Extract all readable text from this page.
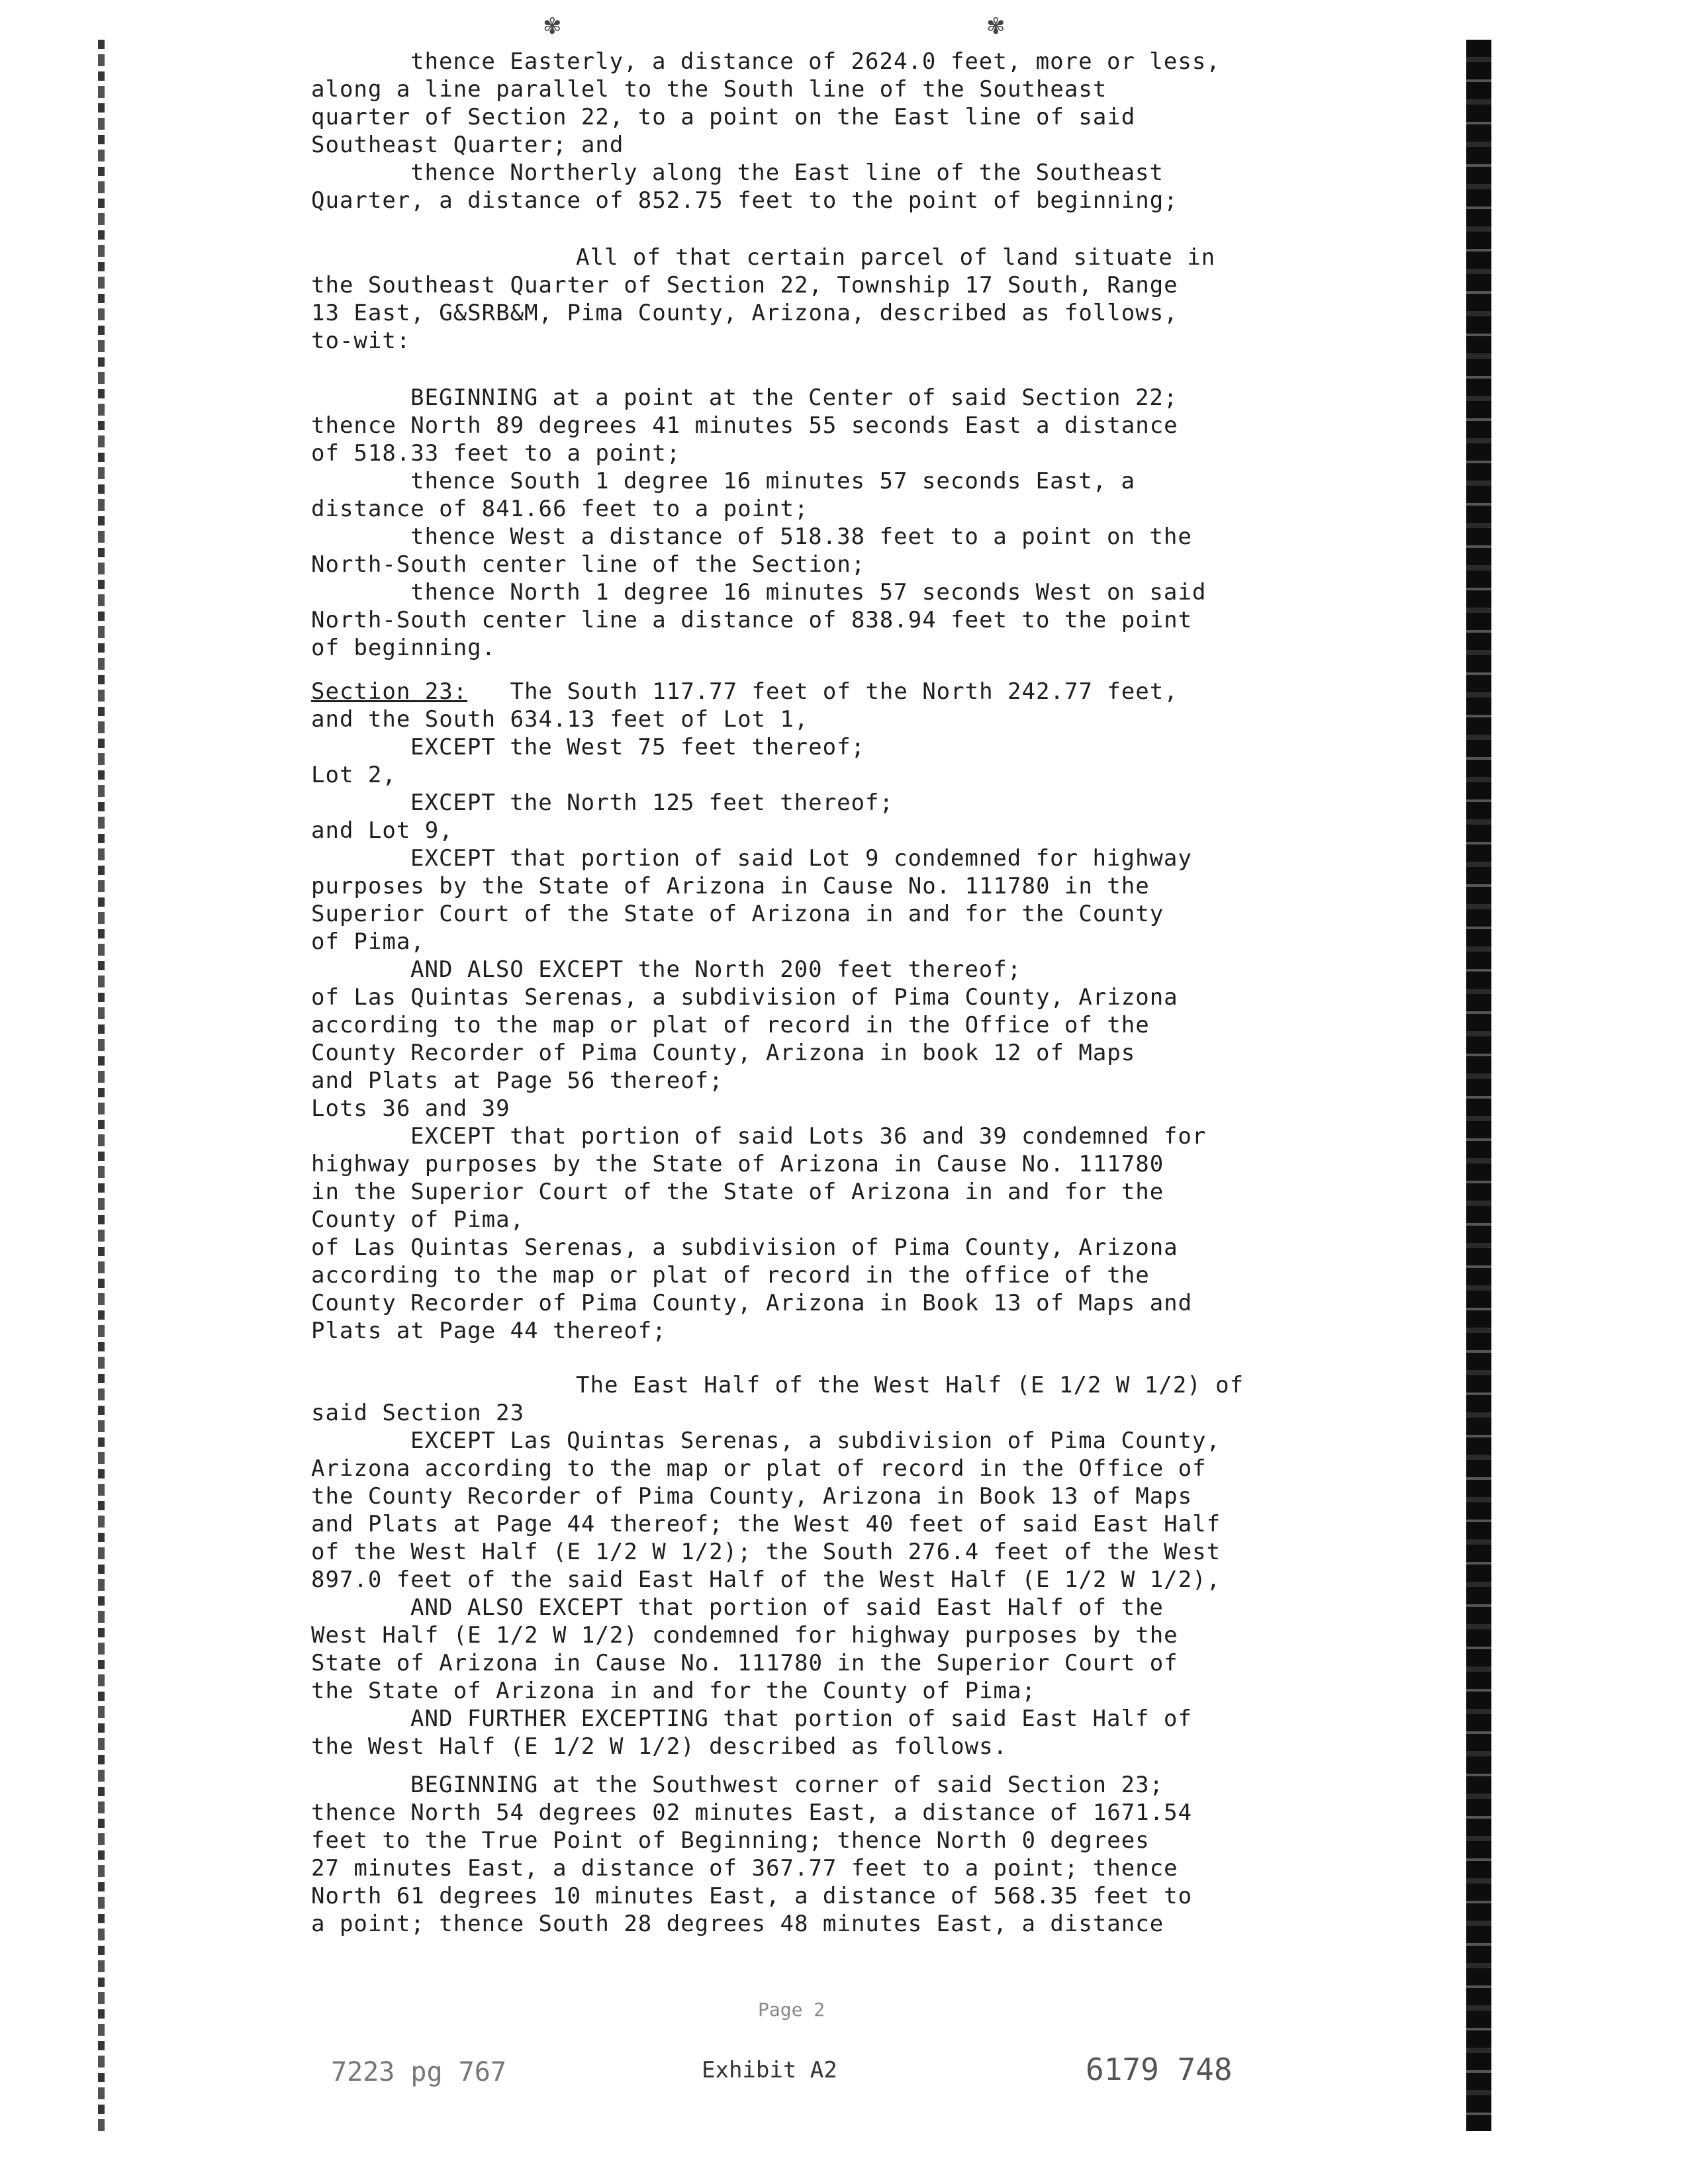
✾	✾
thence Easterly, a distance of 2624.0 feet, more or less,
along a line parallel to the South line of the Southeast
quarter of Section 22, to a point on the East line of said
Southeast Quarter; and
thence Northerly along the East line of the Southeast
Quarter, a distance of 852.75 feet to the point of beginning;
All of that certain parcel of land situate in
the Southeast Quarter of Section 22, Township 17 South, Range
13 East, G&SRB&M, Pima County, Arizona, described as follows,
to-wit:
BEGINNING at a point at the Center of said Section 22;
thence North 89 degrees 41 minutes 55 seconds East a distance
of 518.33 feet to a point;
thence South 1 degree 16 minutes 57 seconds East, a
distance of 841.66 feet to a point;
thence West a distance of 518.38 feet to a point on the
North-South center line of the Section;
thence North 1 degree 16 minutes 57 seconds West on said
North-South center line a distance of 838.94 feet to the point
of beginning.
Section 23:   The South 117.77 feet of the North 242.77 feet,
and the South 634.13 feet of Lot 1,
EXCEPT the West 75 feet thereof;
Lot 2,
EXCEPT the North 125 feet thereof;
and Lot 9,
EXCEPT that portion of said Lot 9 condemned for highway
purposes by the State of Arizona in Cause No. 111780 in the
Superior Court of the State of Arizona in and for the County
of Pima,
AND ALSO EXCEPT the North 200 feet thereof;
of Las Quintas Serenas, a subdivision of Pima County, Arizona
according to the map or plat of record in the Office of the
County Recorder of Pima County, Arizona in book 12 of Maps
and Plats at Page 56 thereof;
Lots 36 and 39
EXCEPT that portion of said Lots 36 and 39 condemned for
highway purposes by the State of Arizona in Cause No. 111780
in the Superior Court of the State of Arizona in and for the
County of Pima,
of Las Quintas Serenas, a subdivision of Pima County, Arizona
according to the map or plat of record in the office of the
County Recorder of Pima County, Arizona in Book 13 of Maps and
Plats at Page 44 thereof;
The East Half of the West Half (E 1/2 W 1/2) of
said Section 23
EXCEPT Las Quintas Serenas, a subdivision of Pima County,
Arizona according to the map or plat of record in the Office of
the County Recorder of Pima County, Arizona in Book 13 of Maps
and Plats at Page 44 thereof; the West 40 feet of said East Half
of the West Half (E 1/2 W 1/2); the South 276.4 feet of the West
897.0 feet of the said East Half of the West Half (E 1/2 W 1/2),
AND ALSO EXCEPT that portion of said East Half of the
West Half (E 1/2 W 1/2) condemned for highway purposes by the
State of Arizona in Cause No. 111780 in the Superior Court of
the State of Arizona in and for the County of Pima;
AND FURTHER EXCEPTING that portion of said East Half of
the West Half (E 1/2 W 1/2) described as follows.
BEGINNING at the Southwest corner of said Section 23;
thence North 54 degrees 02 minutes East, a distance of 1671.54
feet to the True Point of Beginning; thence North 0 degrees
27 minutes East, a distance of 367.77 feet to a point; thence
North 61 degrees 10 minutes East, a distance of 568.35 feet to
a point; thence South 28 degrees 48 minutes East, a distance
Page 2
Exhibit A2
7223 pg 767	6179 748
